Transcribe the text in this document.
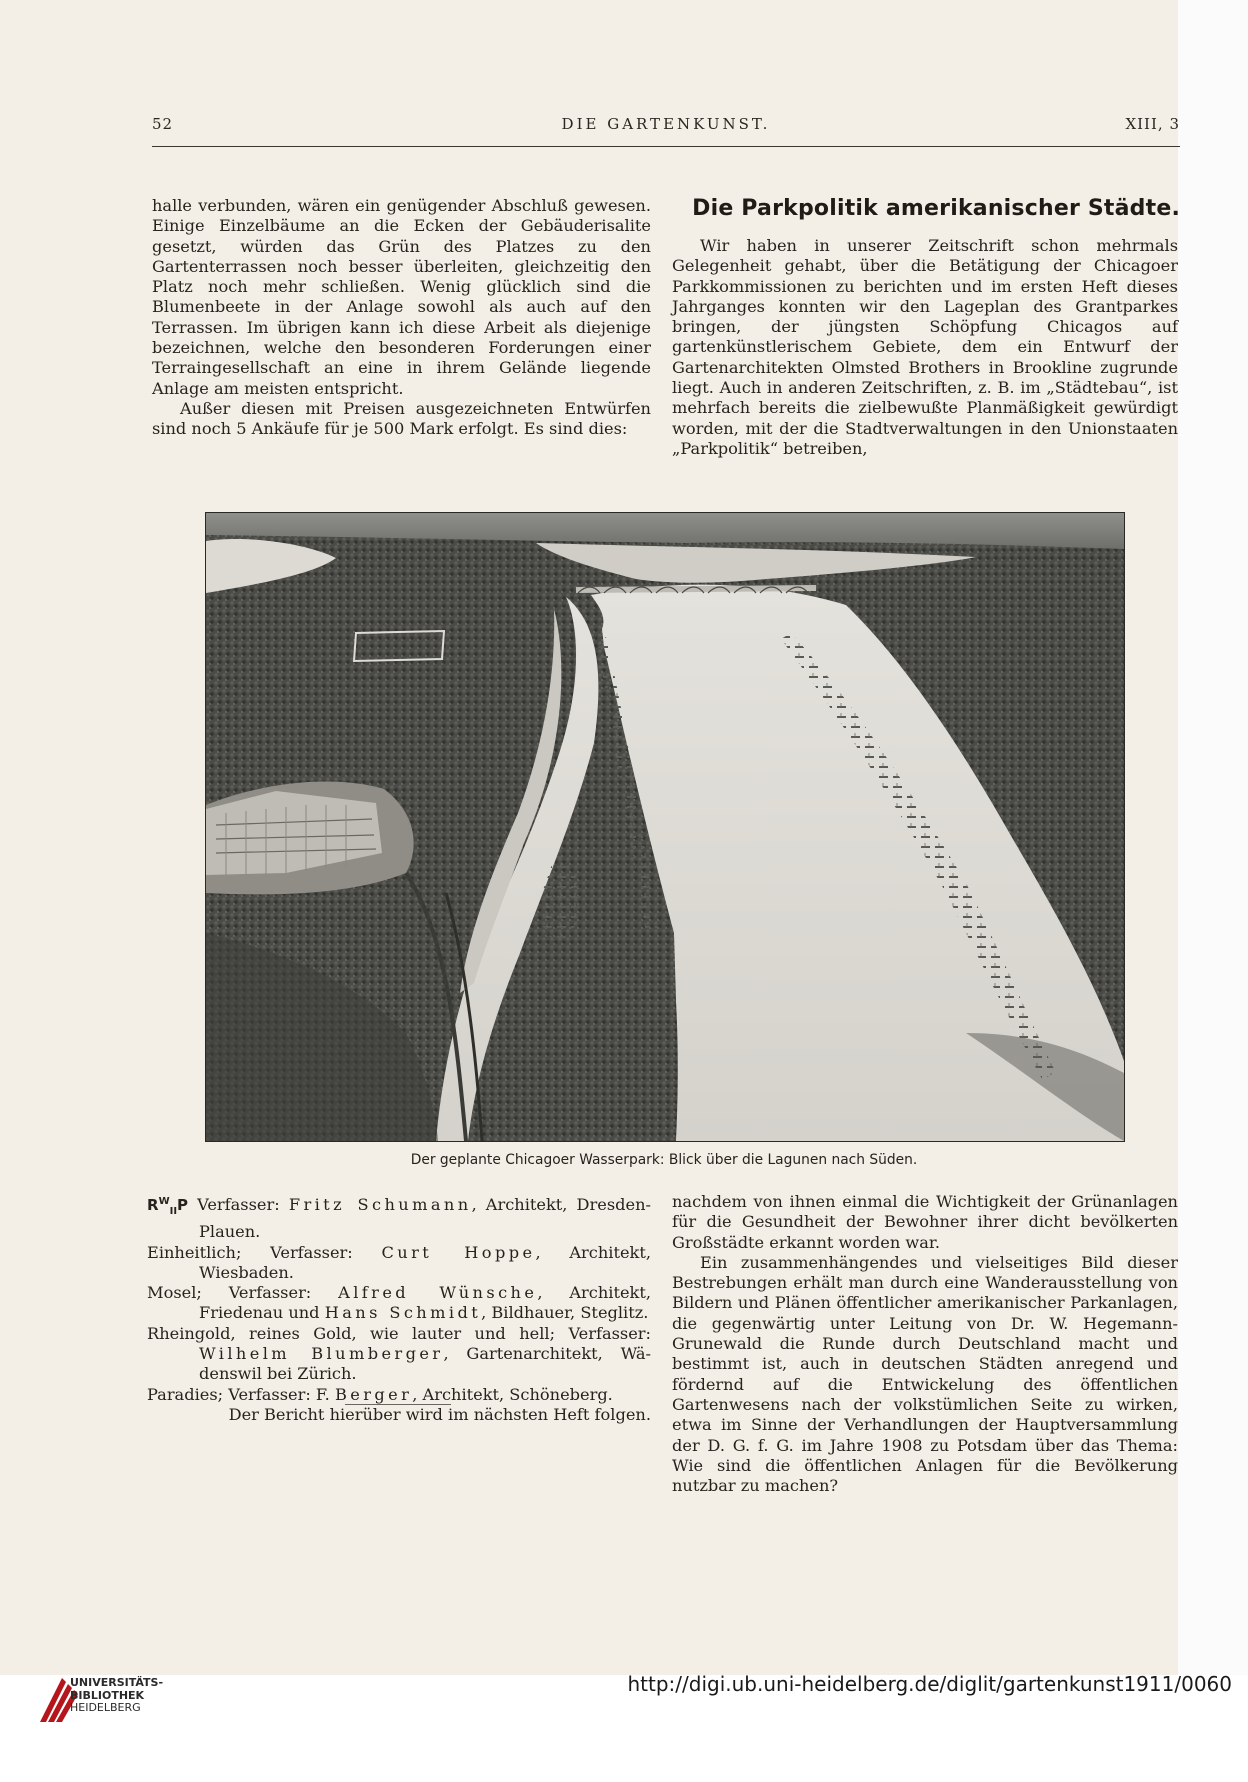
DIE GARTENKUNST.
52	XIII, 3

halle verbunden, wären ein genügender Abschluß gewesen. Einige Einzelbäume an die Ecken der Gebäuderisalite gesetzt, würden das Grün des Platzes zu den Gartenterrassen noch besser überleiten, gleichzeitig den Platz noch mehr schließen. Wenig glücklich sind die Blumenbeete in der Anlage sowohl als auch auf den Terrassen. Im übrigen kann ich diese Arbeit als diejenige bezeichnen, welche den besonderen Forderungen einer Terraingesellschaft an eine in ihrem Gelände liegende Anlage am meisten entspricht.

Außer diesen mit Preisen ausgezeichneten Entwürfen sind noch 5 Ankäufe für je 500 Mark erfolgt. Es sind dies:

Die Parkpolitik amerikanischer Städte.

Wir haben in unserer Zeitschrift schon mehrmals Gelegenheit gehabt, über die Betätigung der Chicagoer Parkkommissionen zu berichten und im ersten Heft dieses Jahrganges konnten wir den Lageplan des Grantparkes bringen, der jüngsten Schöpfung Chicagos auf gartenkünstlerischem Gebiete, dem ein Entwurf der Gartenarchitekten Olmsted Brothers in Brookline zugrunde liegt. Auch in anderen Zeitschriften, z. B. im „Städtebau“, ist mehrfach bereits die zielbewußte Planmäßigkeit gewürdigt worden, mit der die Stadtverwaltungen in den Unionstaaten „Parkpolitik“ betreiben,

Der geplante Chicagoer Wasserpark: Blick über die Lagunen nach Süden.

$R^W_{II}P$ Verfasser: Fritz Schumann, Architekt, Dresden-Plauen.

Einheitlich; Verfasser: Curt Hoppe, Architekt, Wiesbaden.

Mosel; Verfasser: Alfred Wünsche, Architekt, Friedenau und Hans Schmidt, Bildhauer, Steglitz.

Rheingold, reines Gold, wie lauter und hell; Verfasser: Wilhelm Blumberger, Gartenarchitekt, Wädenswil bei Zürich.

Paradies; Verfasser: F. Berger, Architekt, Schöneberg.

Der Bericht hierüber wird im nächsten Heft folgen.

nachdem von ihnen einmal die Wichtigkeit der Grünanlagen für die Gesundheit der Bewohner ihrer dicht bevölkerten Großstädte erkannt worden war.

Ein zusammenhängendes und vielseitiges Bild dieser Bestrebungen erhält man durch eine Wanderausstellung von Bildern und Plänen öffentlicher amerikanischer Parkanlagen, die gegenwärtig unter Leitung von Dr. W. Hegemann-Grunewald die Runde durch Deutschland macht und bestimmt ist, auch in deutschen Städten anregend und fördernd auf die Entwickelung des öffentlichen Gartenwesens nach der volkstümlichen Seite zu wirken, etwa im Sinne der Verhandlungen der Hauptversammlung der D. G. f. G. im Jahre 1908 zu Potsdam über das Thema: Wie sind die öffentlichen Anlagen für die Bevölkerung nutzbar zu machen?

UNIVERSITÄTS-
BIBLIOTHEK
HEIDELBERG
http://digi.ub.uni-heidelberg.de/diglit/gartenkunst1911/0060
